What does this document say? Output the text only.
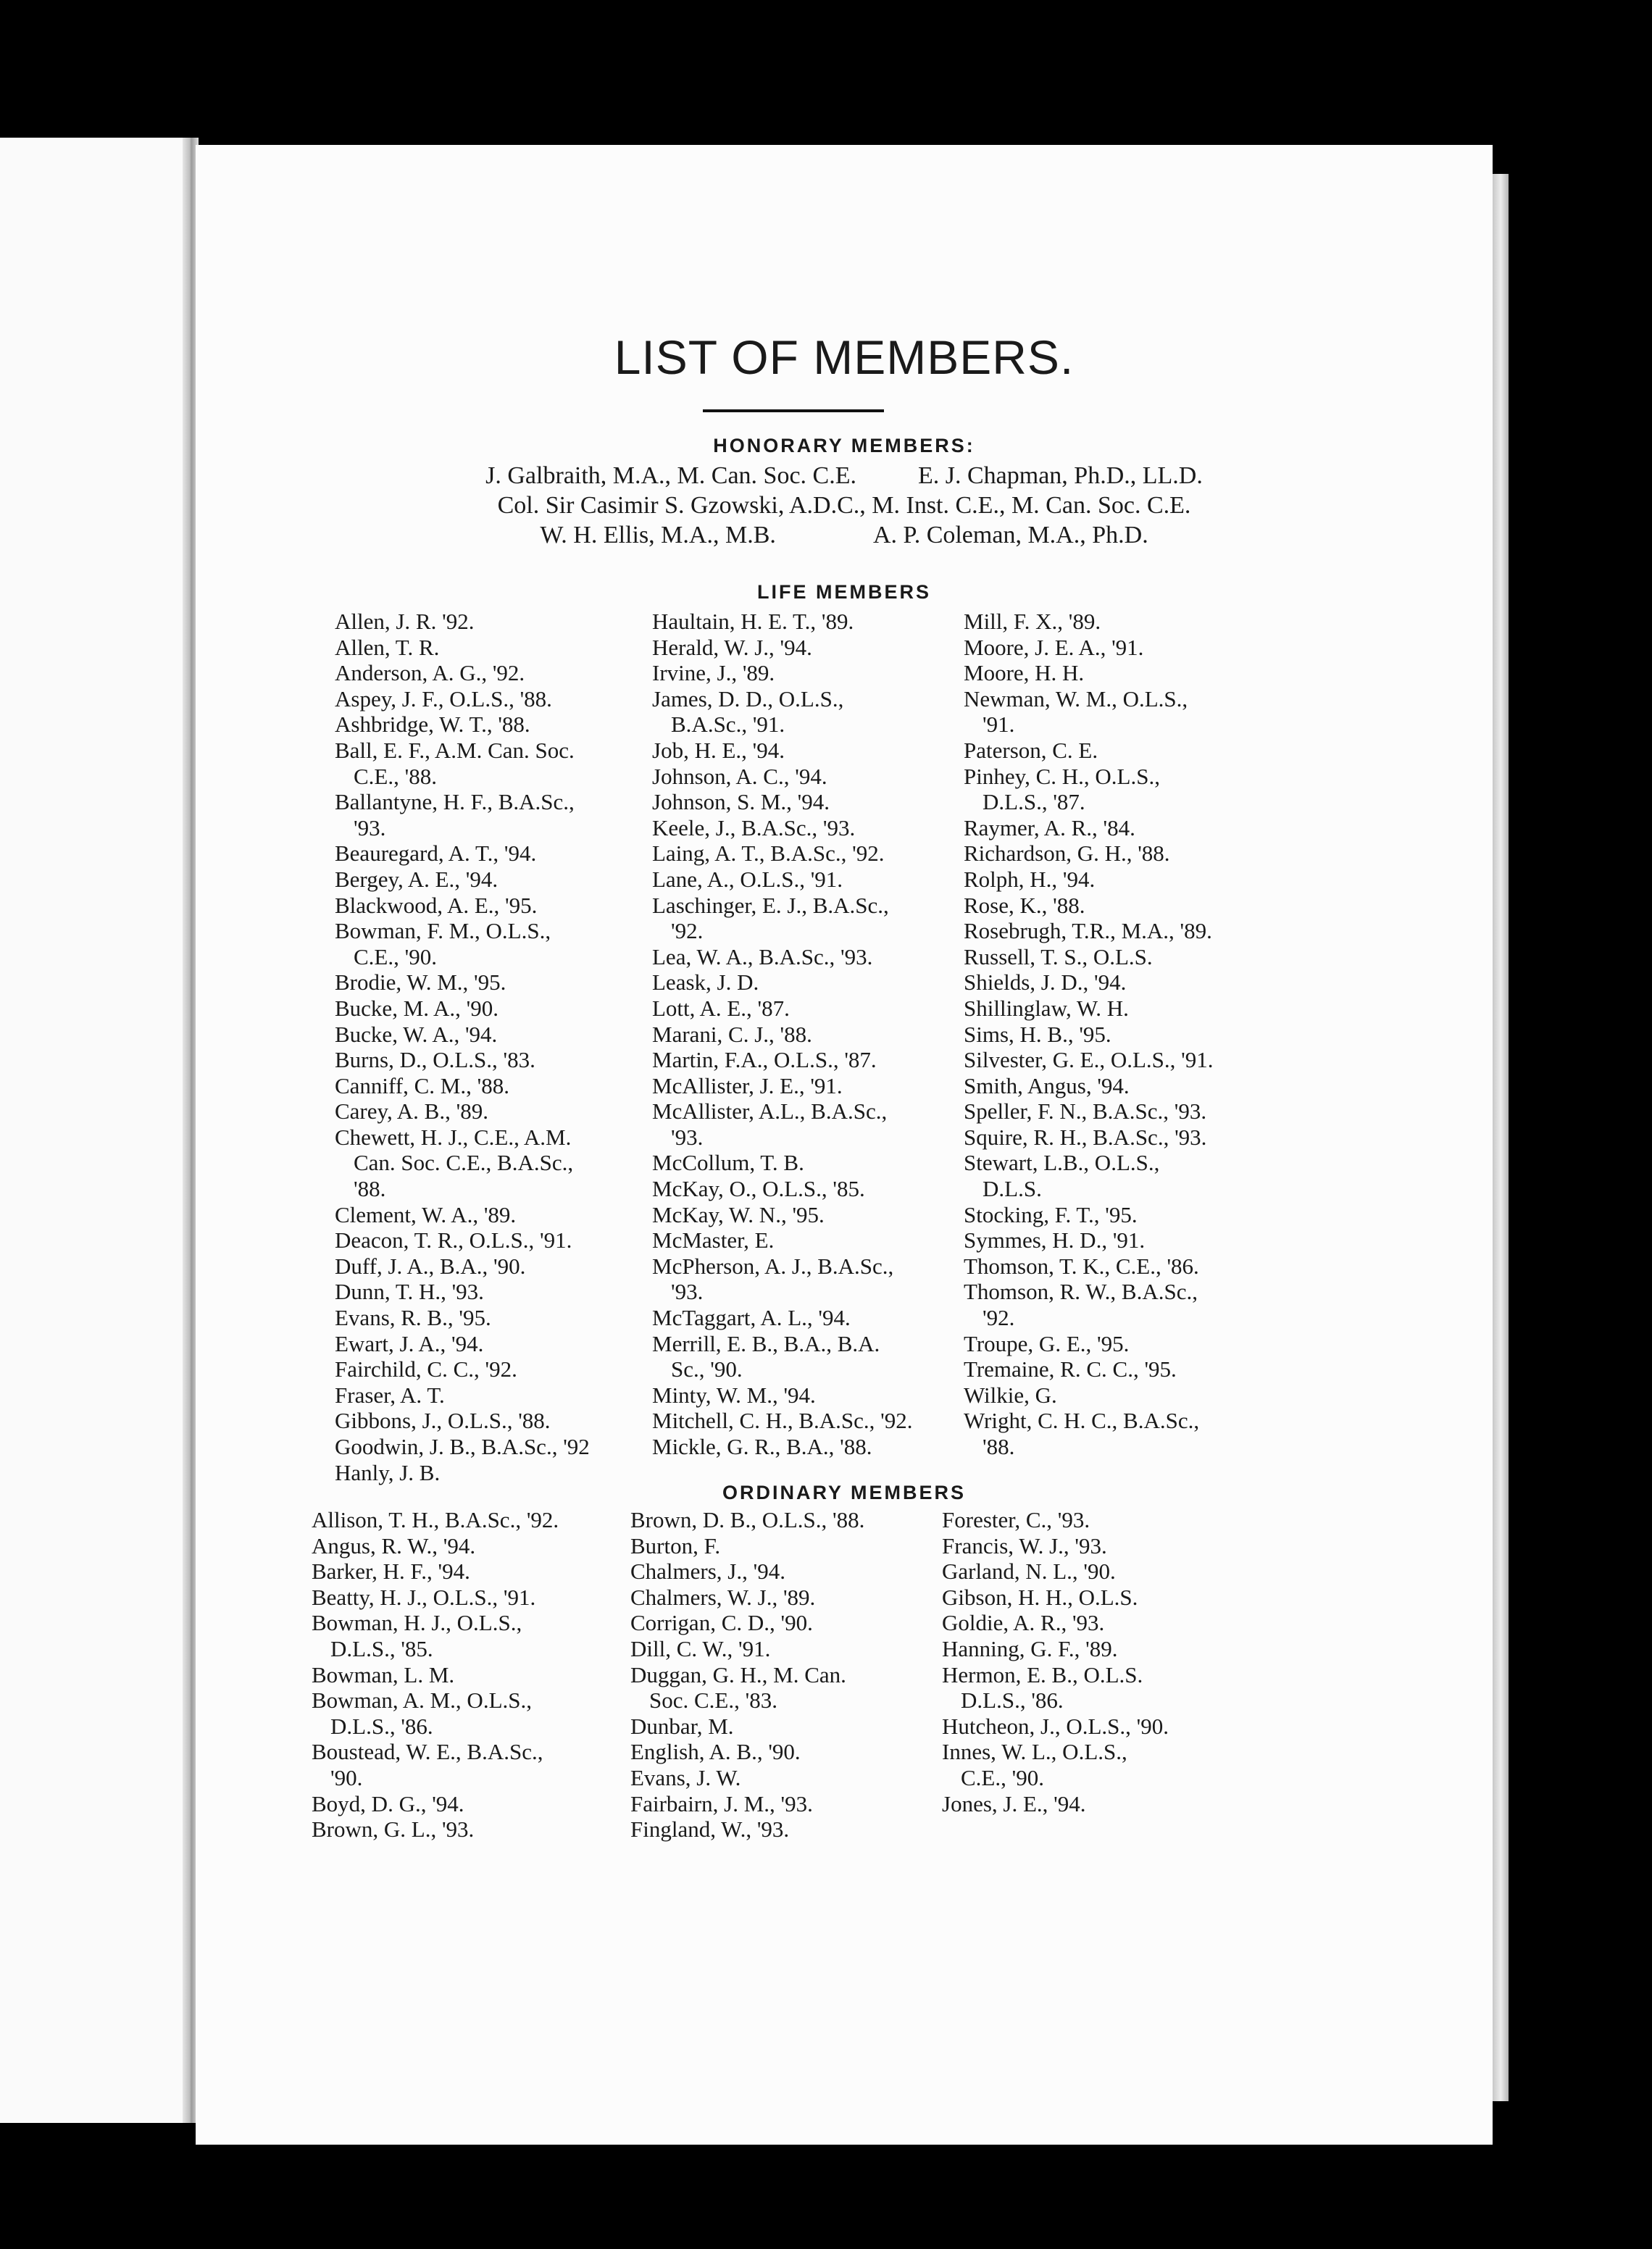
LIST OF MEMBERS.
HONORARY MEMBERS:
J. Galbraith, M.A., M. Can. Soc. C.E.          E. J. Chapman, Ph.D., LL.D.
Col. Sir Casimir S. Gzowski, A.D.C., M. Inst. C.E., M. Can. Soc. C.E.
W. H. Ellis, M.A., M.B.                A. P. Coleman, M.A., Ph.D.
LIFE MEMBERS
Allen, J. R. '92.
Allen, T. R.
Anderson, A. G., '92.
Aspey, J. F., O.L.S., '88.
Ashbridge, W. T., '88.
Ball, E. F., A.M. Can. Soc.
C.E., '88.
Ballantyne, H. F., B.A.Sc.,
'93.
Beauregard, A. T., '94.
Bergey, A. E., '94.
Blackwood, A. E., '95.
Bowman, F. M., O.L.S.,
C.E., '90.
Brodie, W. M., '95.
Bucke, M. A., '90.
Bucke, W. A., '94.
Burns, D., O.L.S., '83.
Canniff, C. M., '88.
Carey, A. B., '89.
Chewett, H. J., C.E., A.M.
Can. Soc. C.E., B.A.Sc.,
'88.
Clement, W. A., '89.
Deacon, T. R., O.L.S., '91.
Duff, J. A., B.A., '90.
Dunn, T. H., '93.
Evans, R. B., '95.
Ewart, J. A., '94.
Fairchild, C. C., '92.
Fraser, A. T.
Gibbons, J., O.L.S., '88.
Goodwin, J. B., B.A.Sc., '92
Hanly, J. B.
Haultain, H. E. T., '89.
Herald, W. J., '94.
Irvine, J., '89.
James, D. D., O.L.S.,
B.A.Sc., '91.
Job, H. E., '94.
Johnson, A. C., '94.
Johnson, S. M., '94.
Keele, J., B.A.Sc., '93.
Laing, A. T., B.A.Sc., '92.
Lane, A., O.L.S., '91.
Laschinger, E. J., B.A.Sc.,
'92.
Lea, W. A., B.A.Sc., '93.
Leask, J. D.
Lott, A. E., '87.
Marani, C. J., '88.
Martin, F.A., O.L.S., '87.
McAllister, J. E., '91.
McAllister, A.L., B.A.Sc.,
'93.
McCollum, T. B.
McKay, O., O.L.S., '85.
McKay, W. N., '95.
McMaster, E.
McPherson, A. J., B.A.Sc.,
'93.
McTaggart, A. L., '94.
Merrill, E. B., B.A., B.A.
Sc., '90.
Minty, W. M., '94.
Mitchell, C. H., B.A.Sc., '92.
Mickle, G. R., B.A., '88.
Mill, F. X., '89.
Moore, J. E. A., '91.
Moore, H. H.
Newman, W. M., O.L.S.,
'91.
Paterson, C. E.
Pinhey, C. H., O.L.S.,
D.L.S., '87.
Raymer, A. R., '84.
Richardson, G. H., '88.
Rolph, H., '94.
Rose, K., '88.
Rosebrugh, T.R., M.A., '89.
Russell, T. S., O.L.S.
Shields, J. D., '94.
Shillinglaw, W. H.
Sims, H. B., '95.
Silvester, G. E., O.L.S., '91.
Smith, Angus, '94.
Speller, F. N., B.A.Sc., '93.
Squire, R. H., B.A.Sc., '93.
Stewart, L.B., O.L.S.,
D.L.S.
Stocking, F. T., '95.
Symmes, H. D., '91.
Thomson, T. K., C.E., '86.
Thomson, R. W., B.A.Sc.,
'92.
Troupe, G. E., '95.
Tremaine, R. C. C., '95.
Wilkie, G.
Wright, C. H. C., B.A.Sc.,
'88.
ORDINARY MEMBERS
Allison, T. H., B.A.Sc., '92.
Angus, R. W., '94.
Barker, H. F., '94.
Beatty, H. J., O.L.S., '91.
Bowman, H. J., O.L.S.,
D.L.S., '85.
Bowman, L. M.
Bowman, A. M., O.L.S.,
D.L.S., '86.
Boustead, W. E., B.A.Sc.,
'90.
Boyd, D. G., '94.
Brown, G. L., '93.
Brown, D. B., O.L.S., '88.
Burton, F.
Chalmers, J., '94.
Chalmers, W. J., '89.
Corrigan, C. D., '90.
Dill, C. W., '91.
Duggan, G. H., M. Can.
Soc. C.E., '83.
Dunbar, M.
English, A. B., '90.
Evans, J. W.
Fairbairn, J. M., '93.
Fingland, W., '93.
Forester, C., '93.
Francis, W. J., '93.
Garland, N. L., '90.
Gibson, H. H., O.L.S.
Goldie, A. R., '93.
Hanning, G. F., '89.
Hermon, E. B., O.L.S.
D.L.S., '86.
Hutcheon, J., O.L.S., '90.
Innes, W. L., O.L.S.,
C.E., '90.
Jones, J. E., '94.
